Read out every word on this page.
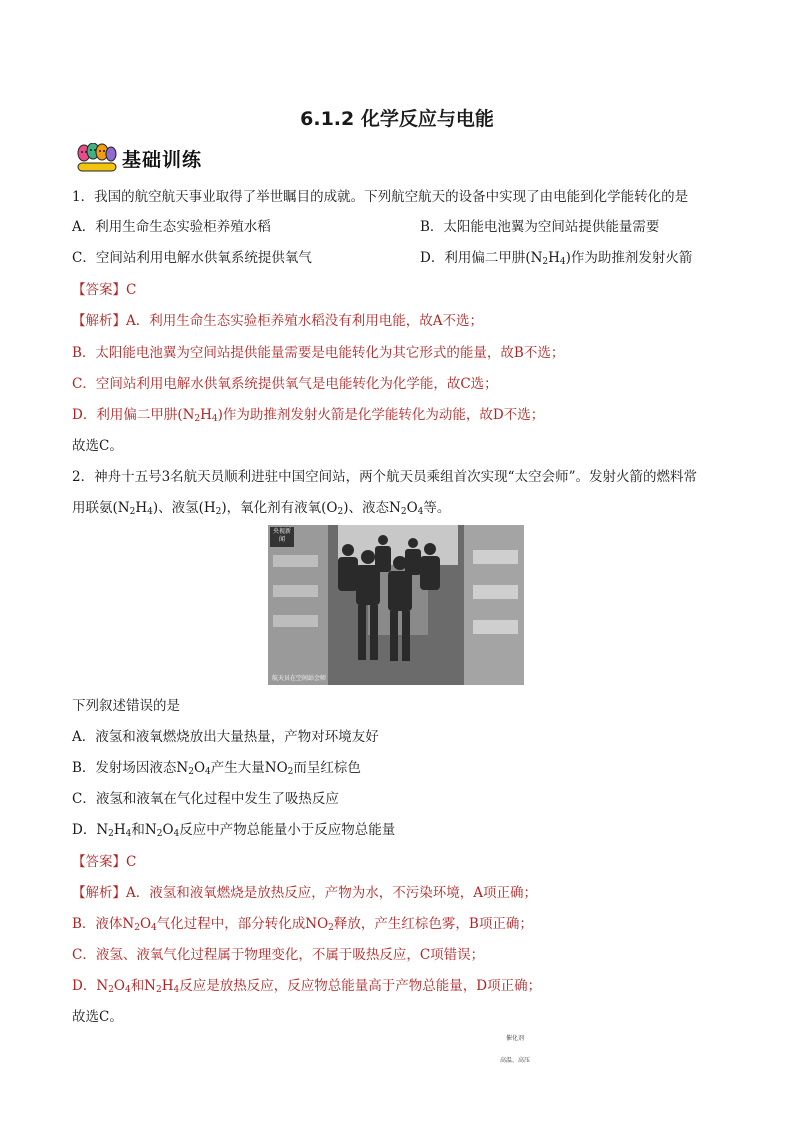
6.1.2 化学反应与电能
基础训练
1．我国的航空航天事业取得了举世瞩目的成就。下列航空航天的设备中实现了由电能到化学能转化的是
A．利用生命生态实验柜养殖水稻	B．太阳能电池翼为空间站提供能量需要
C．空间站利用电解水供氧系统提供氧气	D．利用偏二甲肼$(N_2H_4)$作为助推剂发射火箭
【答案】C
【解析】A．利用生命生态实验柜养殖水稻没有利用电能，故A不选；
B．太阳能电池翼为空间站提供能量需要是电能转化为其它形式的能量，故B不选；
C．空间站利用电解水供氧系统提供氧气是电能转化为化学能，故C选；
D．利用偏二甲肼$(N_2H_4)$作为助推剂发射火箭是化学能转化为动能，故D不选；
故选C。
2．神舟十五号3名航天员顺利进驻中国空间站，两个航天员乘组首次实现“太空会师”。发射火箭的燃料常
用联氨$(N_2H_4)$、液氢$(H_2)$，氧化剂有液氧$(O_2)$、液态$N_2O_4$等。
央视新闻
航天员在空间站会师
下列叙述错误的是
A．液氢和液氧燃烧放出大量热量，产物对环境友好
B．发射场因液态$N_2O_4$产生大量$NO_2$而呈红棕色
C．液氢和液氧在气化过程中发生了吸热反应
D．$N_2H_4$和$N_2O_4$反应中产物总能量小于反应物总能量
【答案】C
【解析】A．液氢和液氧燃烧是放热反应，产物为水，不污染环境，A项正确；
B．液体$N_2O_4$气化过程中，部分转化成$NO_2$释放，产生红棕色雾，B项正确；
C．液氢、液氧气化过程属于物理变化，不属于吸热反应，C项错误；
D．$N_2O_4$和$N_2H_4$反应是放热反应，反应物总能量高于产物总能量，D项正确；
故选C。
催化剂
高温、高压
